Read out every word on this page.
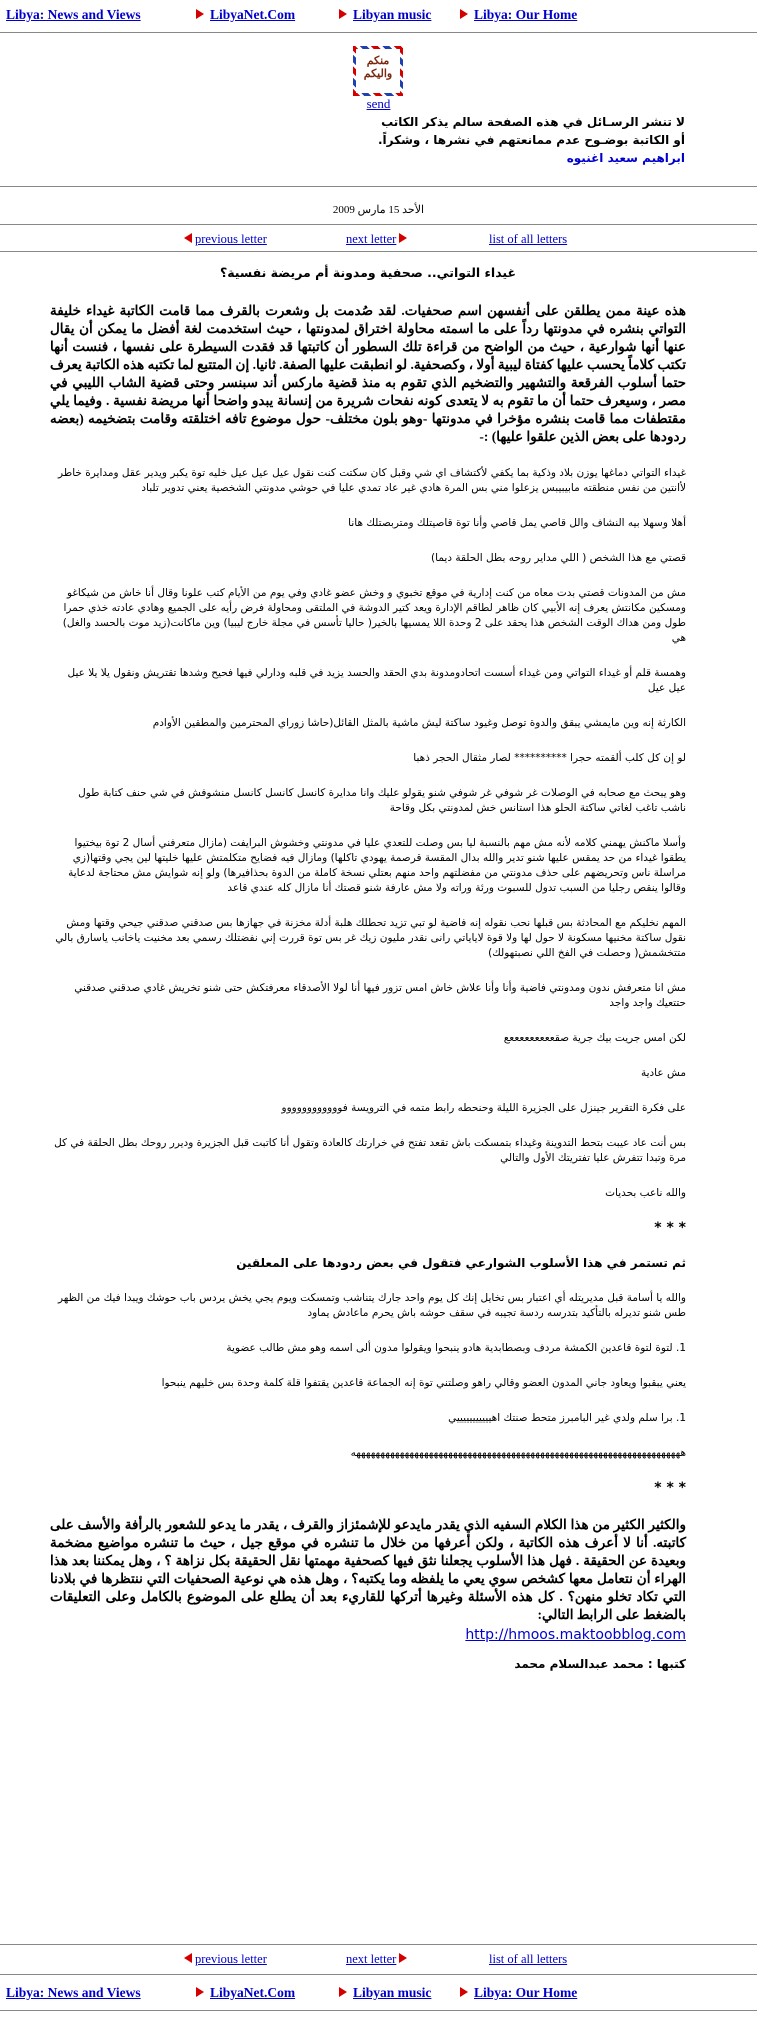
Libya: News and Views	LibyaNet.Com	Libyan music	Libya: Our Home
منكم
واليكم
send
لا تنشر الرسـائل في هذه الصفحة سالم يذكر الكاتب
أو الكاتبة بوضـوح عدم ممانعتهم في نشرها ، وشكراً.
ابراهيم سعيد اغنيوه
الأحد 15 مارس 2009
previous letter	next letter	list of all letters
غيداء التواتي.. صحفية ومدونة أم مريضة نفسية؟

هذه عينة ممن يطلقن على أنفسهن اسم صحفيات. لقد صُدمت بل وشعرت بالقرف مما قامت الكاتبة غيداء خليفة التواتي بنشره في مدونتها رداً على ما اسمته محاولة اختراق لمدونتها ، حيث استخدمت لغة أفضل ما يمكن أن يقال عنها أنها شوارعية ، حيث من الواضح من قراءة تلك السطور أن كاتبتها قد فقدت السيطرة على نفسها ، فنست أنها تكتب كلاماً يحسب عليها كفتاة ليبية أولا ، وكصحفية. لو انطبقت عليها الصفة. ثانيا. إن المتتبع لما تكتبه هذه الكاتبة يعرف حتما أسلوب الفرقعة والتشهير والتضخيم الذي تقوم به منذ قضية ماركس أند سبنسر وحتى قضية الشاب الليبي في مصر ، وسيعرف حتما أن ما تقوم به لا يتعدى كونه نفحات شريرة من إنسانة يبدو واضحا أنها مريضة نفسية . وفيما يلي مقتطفات مما قامت بنشره مؤخرا في مدونتها -وهو بلون مختلف- حول موضوع تافه اختلقته وقامت بتضخيمه (بعضه ردودها على بعض الذين علقوا عليها) :-

غيداء التواتي دماغها يوزن بلاد وذكية بما يكفي لأكتشاف اي شي وقبل كان سكتت كنت نقول عيل عيل عيل خليه توة يكبر ويدير عقل ومدايرة خاطر لأانتين من نفس منطقته مابيبيبس يزعلوا مني بس المرة هادي غير عاد تمدي عليا في حوشي مدونتي الشخصية يعني تدوير تلباد

أهلا وسهلا بيه النشاف والل قاصي يمل قاصي وأنا توة قاصيتلك ومتربصتلك هانا

قصتي مع هذا الشخص ( اللي مداير روحه بطل الحلقة ديما)

مش من المدونات قصتي بدت معاه من كنت إدارية في موقع تخبوي و وخش عضو غادي وفي يوم من الأيام كتب علونا وقال أنا خاش من شيكاغو ومسكين مكانتش يعرف إنه الأبيي كان ظاهر لطاقم الإدارة ويعد كتير الدوشة في الملتقى ومحاولة فرض رأيه على الجميع وهادي عادته خذي حمرا طول ومن هداك الوقت الشخص هذا يحقد على 2 وحدة اللا يمسيها بالخير( حاليا تأسس في مجلة خارج ليبيا) وين ماكانت(زيد موت بالحسد والغل) هي

وهمسة قلم أو غيداء التواتي ومن غيداء أسست اتحادومدونة بدي الحقد والحسد يزيد في قلبه ودارلي فيها فحيح وشدها تقتريش ونقول يلا يلا عيل عيل عيل

الكارثة إنه وين مايمشي يبقق والدوة توصل وغيود ساكتة ليش ماشية بالمثل القائل(حاشا زوراي المحترمين والمطقين الأوادم

لو إن كل كلب ألقمته حجرا ********** لصار مثقال الحجر ذهبا

وهو يبحث مع صحابه في الوصلات غر شوفي غر شوفي شنو يقولو عليك وانا مدايرة كانسل كانسل كانسل منشوفش في شي حنف كتابة طول ناشب تاغب لغاتي ساكتة الحلو هذا استانس خش لمدونتي بكل وقاحة

وأسلا ماكنش يهمني كلامه لأنه مش مهم بالنسبة ليا بس وصلت للتعدي عليا في مدونتي وخشوش البرايفت (مازال متعرفني أسال 2 توة بيختيوا يطقوا غيداء من حد يمقس عليها شنو تدير والله بدال المقسة قرصمة يهودي تاكلها) ومازال فيه فضايح متكلمتش عليها خليتها لين يجي وقتها(زي مراسلة ناس وتحريضهم على حذف مدونتي من مفضلتهم واحد منهم بعتلي نسخة كاملة من الدوة بحذافيرها) ولو إنه شوايش مش محتاجة لدعاية وقالوا ينقص رجليا من السبب تدول للسبوت ورئة وراته ولا مش عارفة شنو قصتك أنا مازال كله عندي قاعد

المهم نخليكم مع المحادثة بس قبلها نحب نقوله إنه فاضية لو تبي تزيد تحطلك هلبة أدلة مخزنة في جهازها بس صدقني صدقني جيحي وقتها ومش نقول ساكتة مخنيها مسكونة لا حول لها ولا قوة لاياياتي رانى نقدر مليون زيك غر بس توة قررت إني نفضتلك رسمي بعد مخنيت ياخانب ياسارق بالي متتخشمش( وحصلت في الفخ اللي نصبتهولك)

مش انا متعرفش ندون ومدونتي فاضية وأنا وأنا علاش خاش امس تزور فيها أنا لولا الأصدقاء معرفتكش حتى شنو تخريش غادي صدقني صدقني حتتعيك واجد واجد

لكن امس جريت بيك جرية صقعععععععععع

مش عادية

على فكرة التقرير جينزل على الجزيرة الليلة وحنحطه رابط متمه في الترويسة فوووووووووووو

بس أنت عاد عيبت بتحط التدوينة وغيداء بتمسكت باش تقعد تفتح في خرارتك كالعادة وتقول أنا كاتبت قبل الجزيرة وديرر روحك بطل الحلقة في كل مرة وتبدا تتفرش عليا تفتريتك الأول والتالي

والله ناعب بحديات

* * *

ثم تستمر في هذا الأسلوب الشوارعي فتقول في بعض ردودها على المعلقين

والله يا أسامة قبل مديريتله أي اعتبار بس تخايل إنك كل يوم واحد جارك يتناشب وتمسكت ويوم يجي يخش يردس باب حوشك ويبدا فيك من الظهر طس شنو تديرله بالتأكيد بتدرسه ردسة تجيبه في سقف حوشه باش يحرم ماعادش يماود

1. لتوة لتوة قاعدين الكمشة مردف وبصطابدية هادو ينبحوا ويقولوا مدون ألى اسمه وهو مش طالب عضوية

يعني يبقبوا ويعاود جاني المدون العضو وقالي راهو وصلتني توة إنه الجماعة قاعدين يقتفوا قلة كلمة وحدة بس خليهم ينبحوا

1. برا سلم ولدي غير البامبرز متحط صنتك اهيييييييييييي

ههههههههههههههههههههههههههههههههههههههههههههههههههههههههههههههههههههه

* * *

والكثير الكثير من هذا الكلام السفيه الذي يقدر مايدعو للإشمئزاز والقرف ، يقدر ما يدعو للشعور بالرأفة والأسف على كاتبته. أنا لا أعرف هذه الكاتبة ، ولكن أعرفها من خلال ما تنشره في موقع جيل ، حيث ما تنشره مواضيع مضخمة وبعيدة عن الحقيقة . فهل هذا الأسلوب يجعلنا نثق فيها كصحفية مهمتها نقل الحقيقة بكل نزاهة ؟ ، وهل يمكننا بعد هذا الهراء أن نتعامل معها كشخص سوي يعي ما يلفظه وما يكتبه؟ ، وهل هذه هي نوعية الصحفيات التي ننتظرها في بلادنا التي تكاد تخلو منهن؟ . كل هذه الأسئلة وغيرها أتركها للقاريء بعد أن يطلع على الموضوع بالكامل وعلى التعليقات بالضغط على الرابط التالي:

http://hmoos.maktoobblog.com

كتبها : محمد عبدالسلام محمد

previous letter	next letter	list of all letters
Libya: News and Views	LibyaNet.Com	Libyan music	Libya: Our Home
